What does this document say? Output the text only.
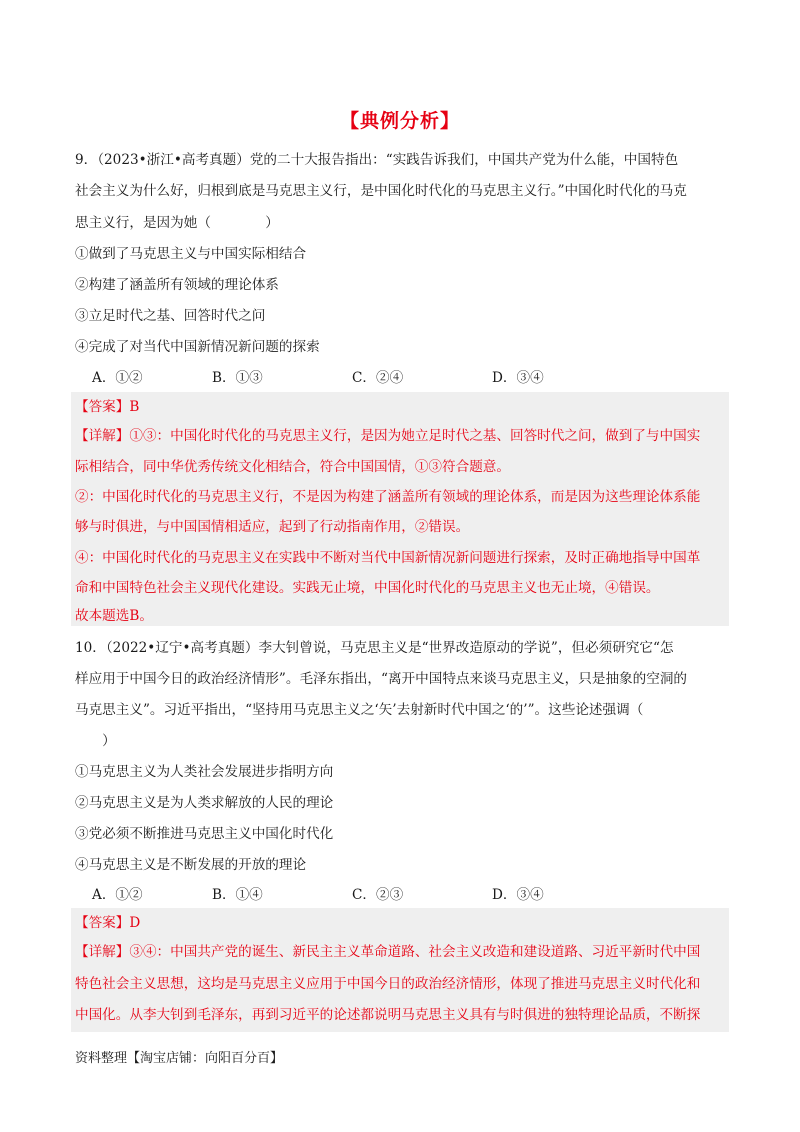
【典例分析】
9．（2023•浙江•高考真题）党的二十大报告指出：“实践告诉我们，中国共产党为什么能，中国特色
社会主义为什么好，归根到底是马克思主义行，是中国化时代化的马克思主义行。”中国化时代化的马克
思主义行，是因为她（　　　　）
①做到了马克思主义与中国实际相结合
②构建了涵盖所有领域的理论体系
③立足时代之基、回答时代之问
④完成了对当代中国新情况新问题的探索
A．①②	B．①③	C．②④	D．③④
【答案】B
【详解】①③：中国化时代化的马克思主义行，是因为她立足时代之基、回答时代之问，做到了与中国实
际相结合，同中华优秀传统文化相结合，符合中国国情，①③符合题意。
②：中国化时代化的马克思主义行，不是因为构建了涵盖所有领域的理论体系，而是因为这些理论体系能
够与时俱进，与中国国情相适应，起到了行动指南作用，②错误。
④：中国化时代化的马克思主义在实践中不断对当代中国新情况新问题进行探索，及时正确地指导中国革
命和中国特色社会主义现代化建设。实践无止境，中国化时代化的马克思主义也无止境，④错误。
故本题选B。
10．（2022•辽宁•高考真题）李大钊曾说，马克思主义是“世界改造原动的学说”，但必须研究它“怎
样应用于中国今日的政治经济情形”。毛泽东指出，“离开中国特点来谈马克思主义，只是抽象的空洞的
马克思主义”。习近平指出，“坚持用马克思主义之‘矢’去射新时代中国之‘的’”。这些论述强调（
　　）
①马克思主义为人类社会发展进步指明方向
②马克思主义是为人类求解放的人民的理论
③党必须不断推进马克思主义中国化时代化
④马克思主义是不断发展的开放的理论
A．①②	B．①④	C．②③	D．③④
【答案】D
【详解】③④：中国共产党的诞生、新民主主义革命道路、社会主义改造和建设道路、习近平新时代中国
特色社会主义思想，这均是马克思主义应用于中国今日的政治经济情形，体现了推进马克思主义时代化和
中国化。从李大钊到毛泽东，再到习近平的论述都说明马克思主义具有与时俱进的独特理论品质，不断探
资料整理【淘宝店铺：向阳百分百】
